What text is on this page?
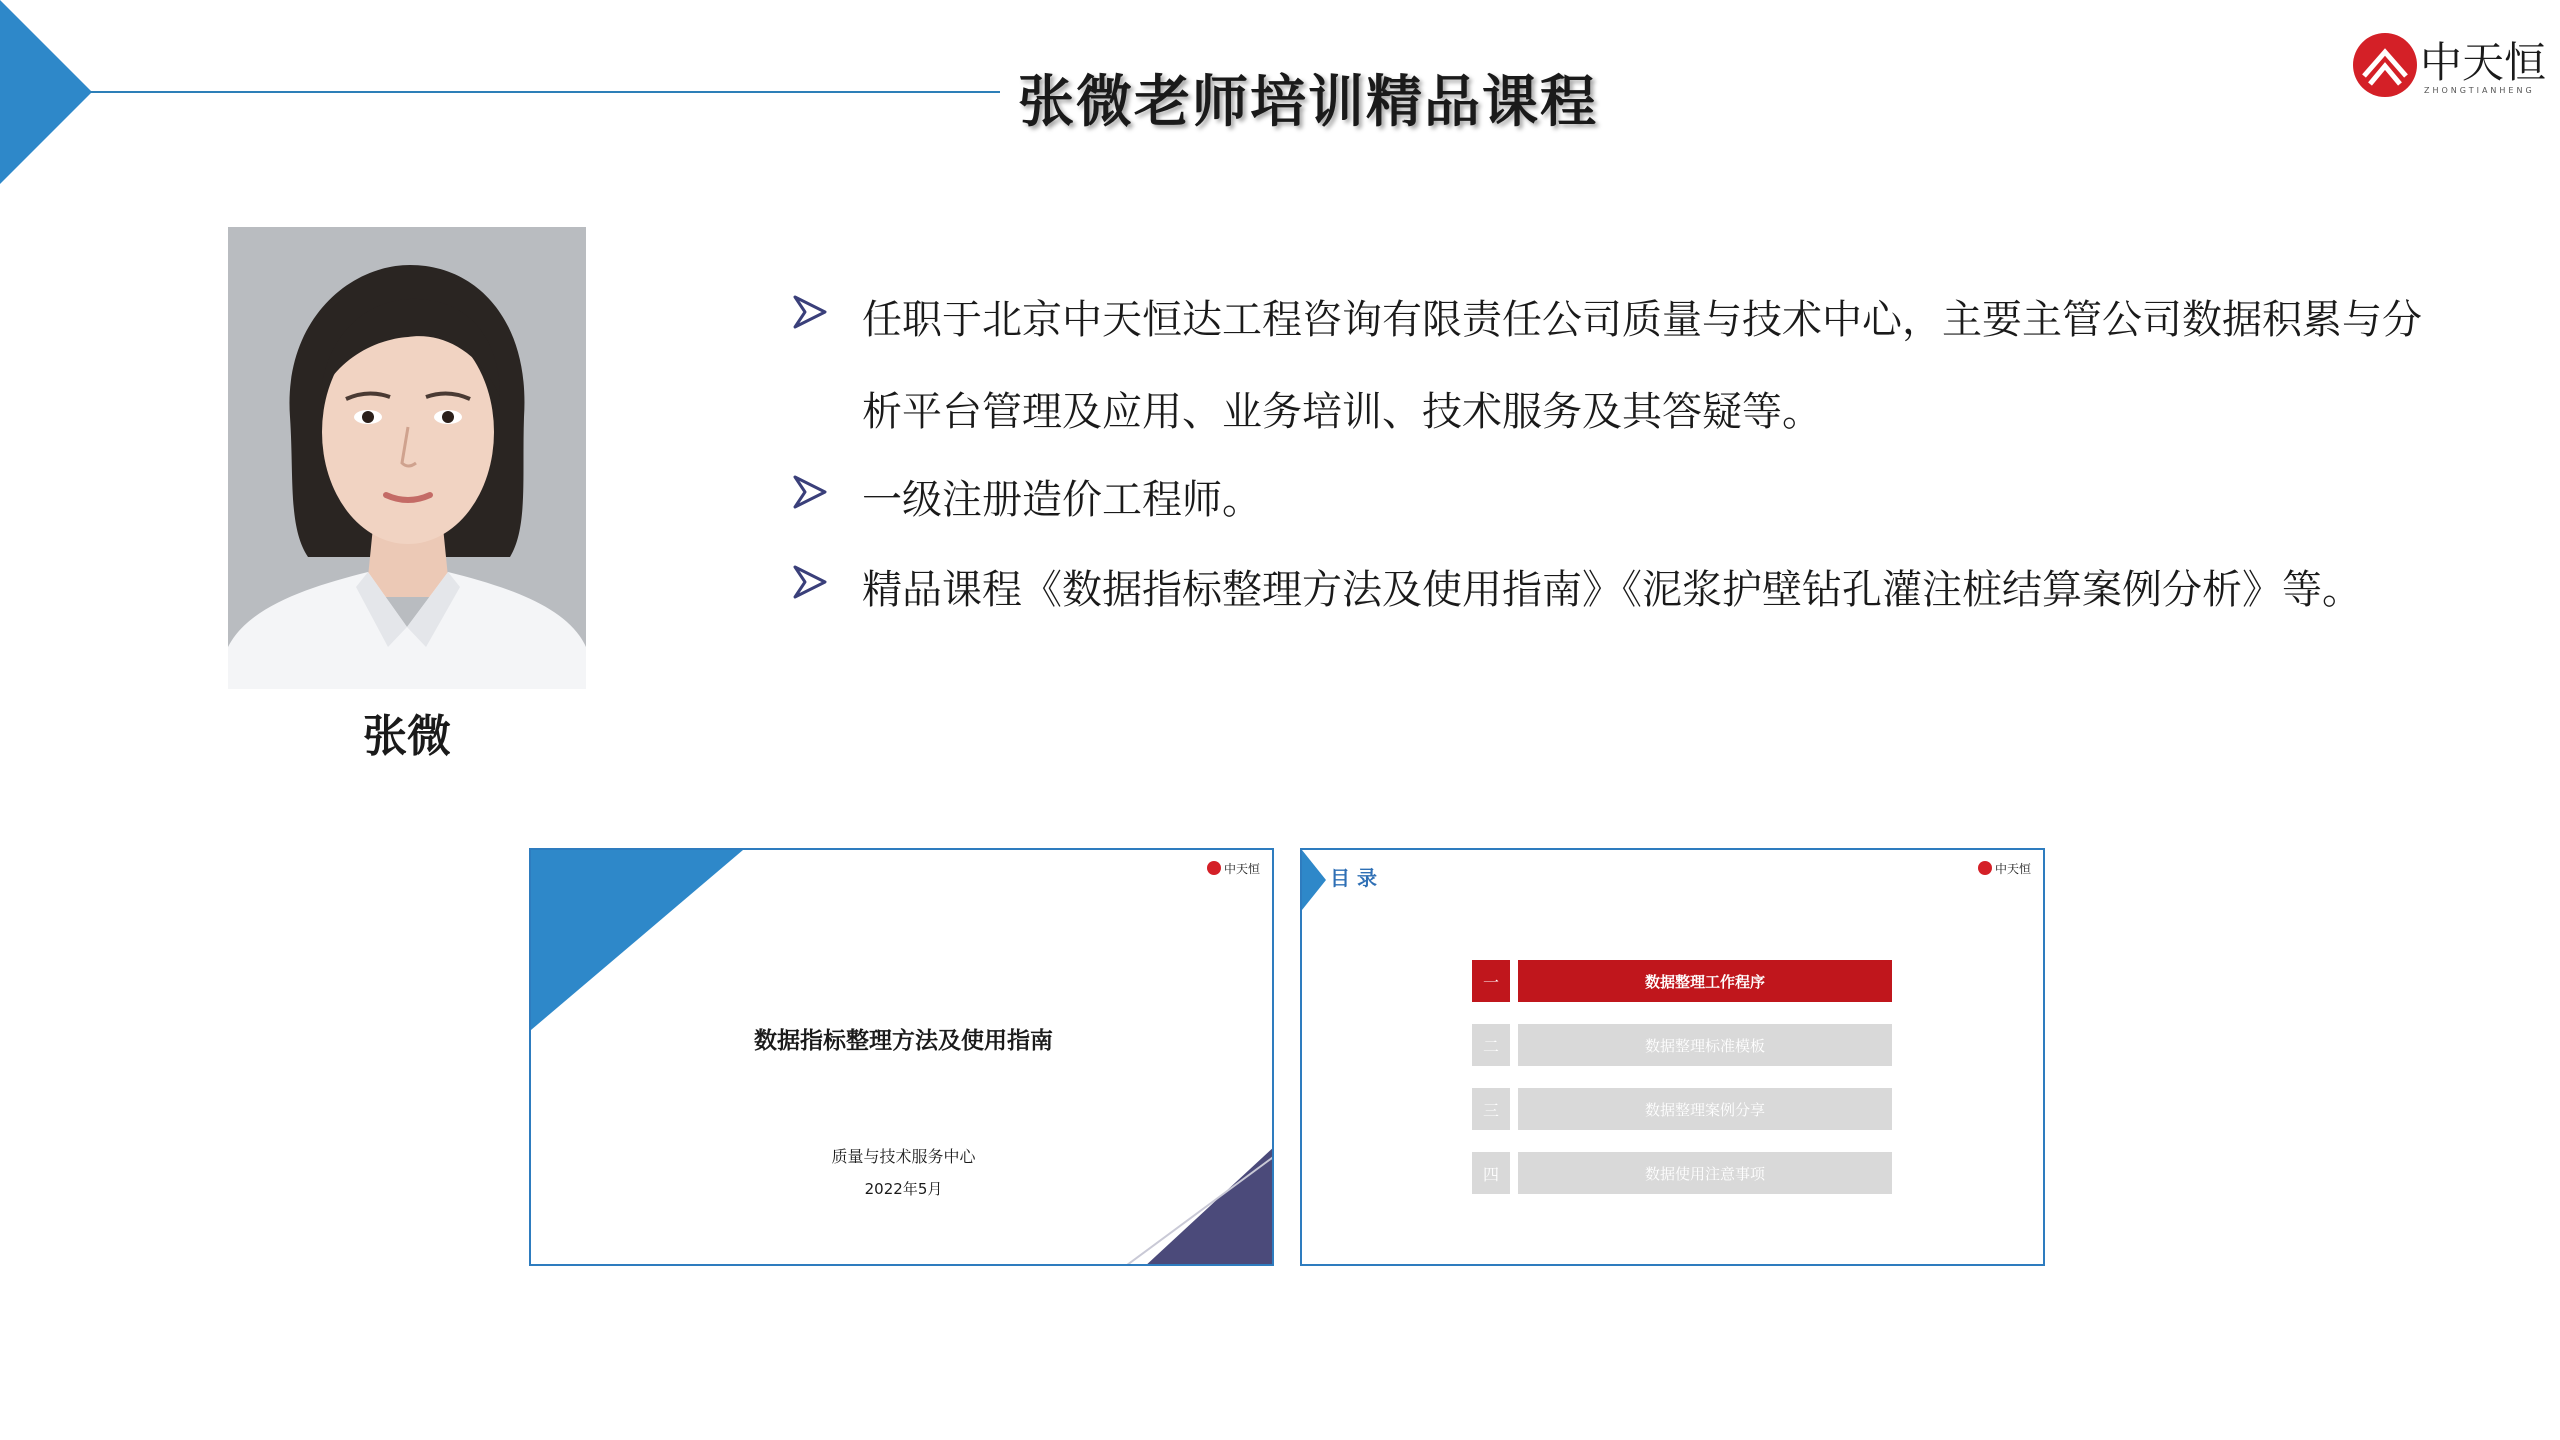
张微老师培训精品课程
中天恒
ZHONGTIANHENG
张微
任职于北京中天恒达工程咨询有限责任公司质量与技术中心，主要主管公司数据积累与分
析平台管理及应用、业务培训、技术服务及其答疑等。
一级注册造价工程师。
精品课程《数据指标整理方法及使用指南》《泥浆护壁钻孔灌注桩结算案例分析》等。
中天恒
数据指标整理方法及使用指南
质量与技术服务中心
2022年5月
目 录	中天恒
一	数据整理工作程序
二	数据整理标准模板
三	数据整理案例分享
四	数据使用注意事项
